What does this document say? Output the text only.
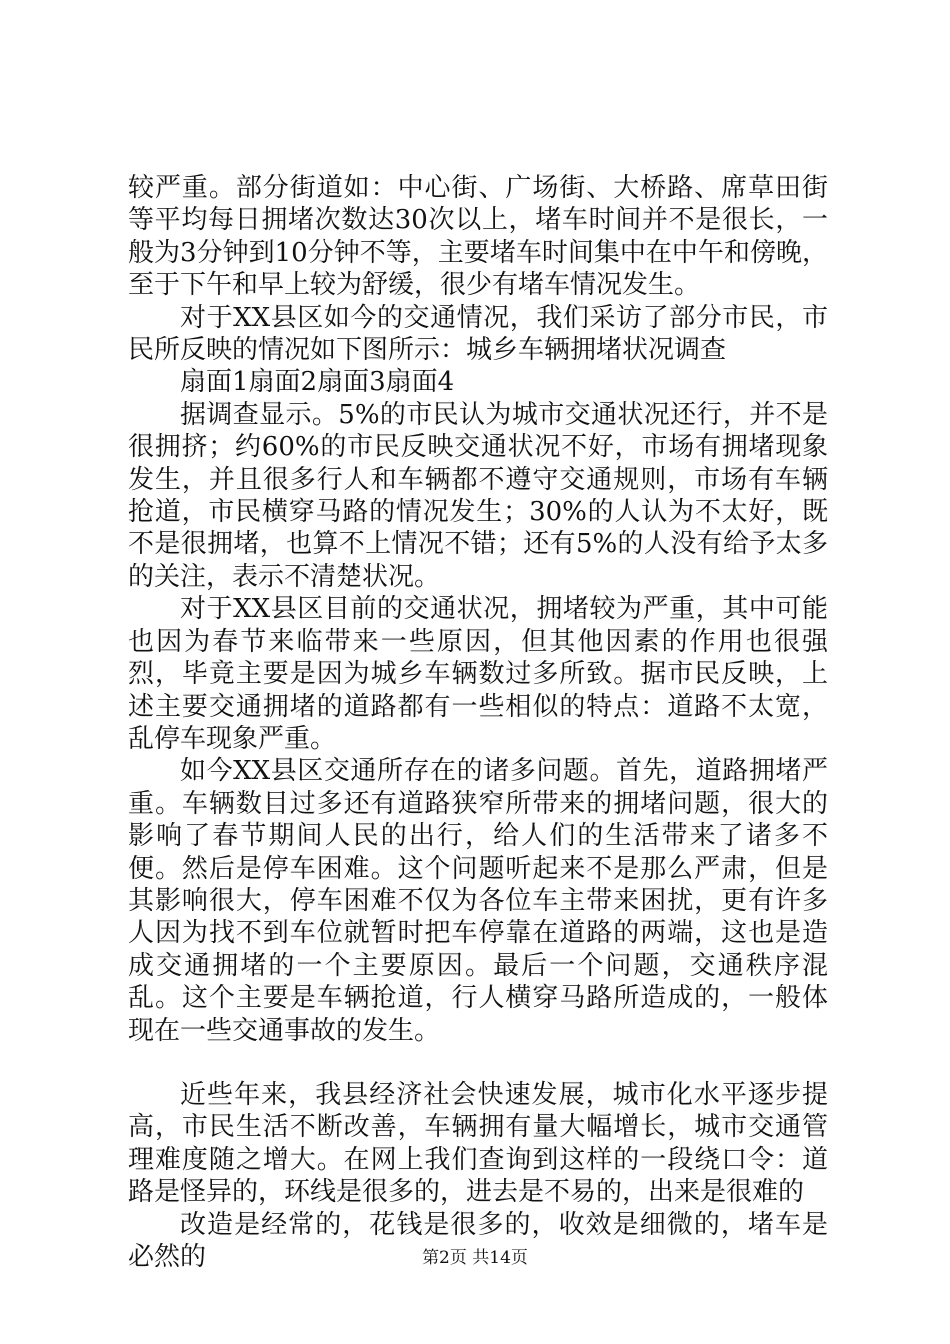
较严重。部分街道如：中心街、广场街、大桥路、席草田街等平均每日拥堵次数达30次以上，堵车时间并不是很长，一般为3分钟到10分钟不等，主要堵车时间集中在中午和傍晚，至于下午和早上较为舒缓，很少有堵车情况发生。

对于XX县区如今的交通情况，我们采访了部分市民，市民所反映的情况如下图所示：城乡车辆拥堵状况调查

扇面1扇面2扇面3扇面4

据调查显示。5%的市民认为城市交通状况还行，并不是很拥挤；约60%的市民反映交通状况不好，市场有拥堵现象发生，并且很多行人和车辆都不遵守交通规则，市场有车辆抢道，市民横穿马路的情况发生；30%的人认为不太好，既不是很拥堵，也算不上情况不错；还有5%的人没有给予太多的关注，表示不清楚状况。

对于XX县区目前的交通状况，拥堵较为严重，其中可能也因为春节来临带来一些原因，但其他因素的作用也很强烈，毕竟主要是因为城乡车辆数过多所致。据市民反映，上述主要交通拥堵的道路都有一些相似的特点：道路不太宽，乱停车现象严重。

如今XX县区交通所存在的诸多问题。首先，道路拥堵严重。车辆数目过多还有道路狭窄所带来的拥堵问题，很大的影响了春节期间人民的出行，给人们的生活带来了诸多不便。然后是停车困难。这个问题听起来不是那么严肃，但是其影响很大，停车困难不仅为各位车主带来困扰，更有许多人因为找不到车位就暂时把车停靠在道路的两端，这也是造成交通拥堵的一个主要原因。最后一个问题，交通秩序混乱。这个主要是车辆抢道，行人横穿马路所造成的，一般体现在一些交通事故的发生。

近些年来，我县经济社会快速发展，城市化水平逐步提高，市民生活不断改善，车辆拥有量大幅增长，城市交通管理难度随之增大。在网上我们查询到这样的一段绕口令：道路是怪异的，环线是很多的，进去是不易的，出来是很难的

改造是经常的，花钱是很多的，收效是细微的，堵车是必然的	第2页 共14页
